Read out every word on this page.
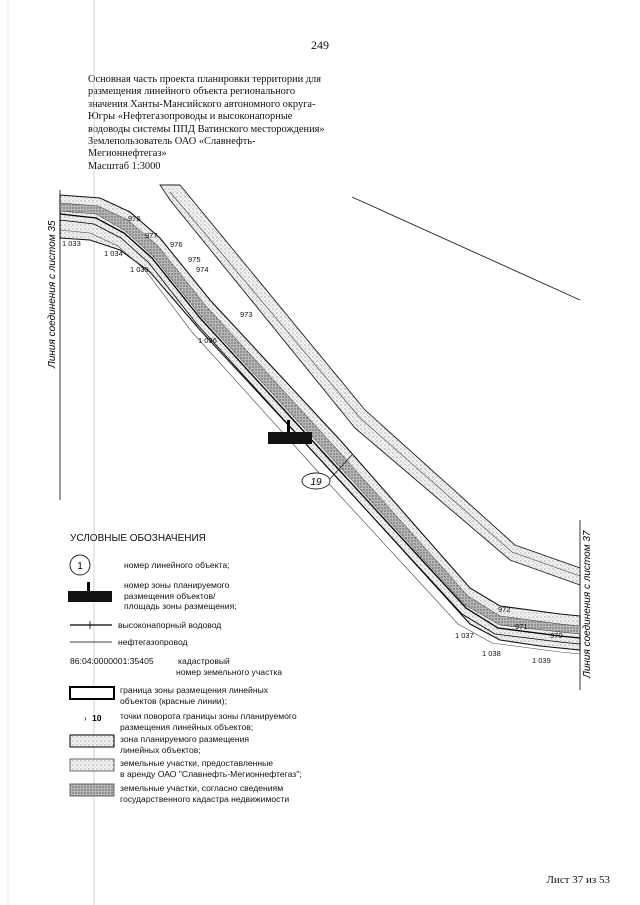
249
Основная часть проекта планировки территории для
размещения линейного объекта регионального
значения Ханты-Мансийского автономного округа-
Югры «Нефтегазопроводы и высоконапорные
водоводы системы ППД Ватинского месторождения»
Землепользователь ОАО «Славнефть-
Мегионнефтегаз»
Масштаб 1:3000
19
976
977
976
975
974
973
972
971
970
1 033
1 034
1 035
1 036
1 037
1 038
1 039
Линия соединения с листом 35
Линия соединения с листом 37
1
10
›
УСЛОВНЫЕ ОБОЗНАЧЕНИЯ
номер линейного объекта;
номер зоны планируемого
размещения объектов/
площадь зоны размещения;
высоконапорный водовод
нефтегазопровод
86:04:0000001:35405	кадастровый
номер земельного участка
граница зоны размещения линейных
объектов (красные линии);
точки поворота границы зоны планируемого
размещения линейных объектов;
зона планируемого размещения
линейных объектов;
земельные участки, предоставленные
в аренду ОАО "Славнефть-Мегионнефтегаз";
земельные участки, согласно сведениям
государственного кадастра недвижимости
Лист 37 из 53
